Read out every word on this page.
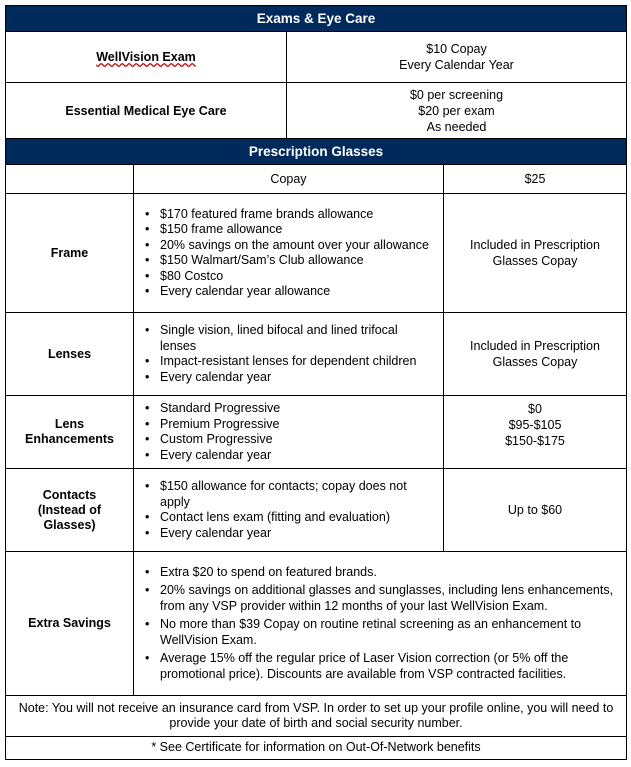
Exams & Eye Care
WellVision Exam
$10 Copay
Every Calendar Year
Essential Medical Eye Care
$0 per screening
$20 per exam
As needed
Prescription Glasses
Copay	$25
Frame
• $170 featured frame brands allowance
• $150 frame allowance
• 20% savings on the amount over your allowance
• $150 Walmart/Sam’s Club allowance
• $80 Costco
• Every calendar year allowance
Included in Prescription Glasses Copay
Lenses
• Single vision, lined bifocal and lined trifocal lenses
• Impact-resistant lenses for dependent children
• Every calendar year
Included in Prescription Glasses Copay
Lens Enhancements
• Standard Progressive
• Premium Progressive
• Custom Progressive
• Every calendar year
$0
$95-$105
$150-$175
Contacts (Instead of Glasses)
• $150 allowance for contacts; copay does not apply
• Contact lens exam (fitting and evaluation)
• Every calendar year
Up to $60
Extra Savings
• Extra $20 to spend on featured brands.
• 20% savings on additional glasses and sunglasses, including lens enhancements, from any VSP provider within 12 months of your last WellVision Exam.
• No more than $39 Copay on routine retinal screening as an enhancement to WellVision Exam.
• Average 15% off the regular price of Laser Vision correction (or 5% off the promotional price). Discounts are available from VSP contracted facilities.
Note: You will not receive an insurance card from VSP. In order to set up your profile online, you will need to provide your date of birth and social security number.
* See Certificate for information on Out-Of-Network benefits
